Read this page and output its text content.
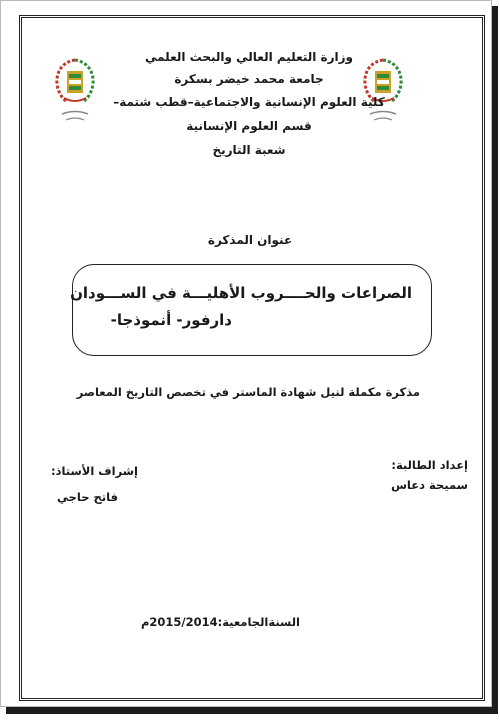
وزارة التعليم العالي والبحث العلمي
جامعة محمد خيضر بسكرة
كلية العلوم الإنسانية والاجتماعية–قطب شتمة–
قسم العلوم الإنسانية
شعبة التاريخ
عنوان المذكرة
الصراعات والحــــروب الأهليـــة في الســـودان
دارفور- أنموذجا-
مذكرة مكملة لنيل شهادة الماستر في تخصص التاريخ المعاصر
إعداد الطالبة:
سميحة دعاس
إشراف الأستاذ:
فاتح حاجي
السنةالجامعية:2015/2014م
